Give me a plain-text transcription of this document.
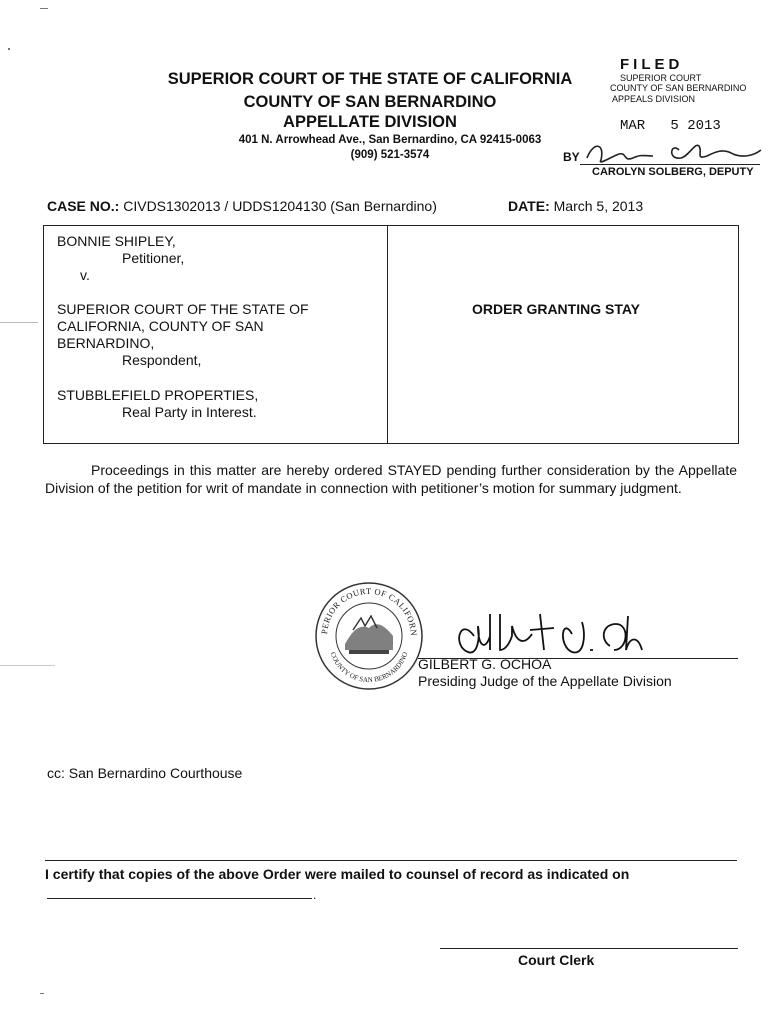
SUPERIOR COURT OF THE STATE OF CALIFORNIA
COUNTY OF SAN BERNARDINO
APPELLATE DIVISION
401 N. Arrowhead Ave., San Bernardino, CA 92415-0063
(909) 521-3574
FILED
SUPERIOR COURT
COUNTY OF SAN BERNARDINO
APPEALS DIVISION
MAR   5 2013
BY
CAROLYN SOLBERG, DEPUTY
CASE NO.: CIVDS1302013 / UDDS1204130 (San Bernardino)	DATE: March 5, 2013
BONNIE SHIPLEY,
Petitioner,
v.
SUPERIOR COURT OF THE STATE OF
CALIFORNIA, COUNTY OF SAN
BERNARDINO,
Respondent,
STUBBLEFIELD PROPERTIES,
Real Party in Interest.
ORDER GRANTING STAY
Proceedings in this matter are hereby ordered STAYED pending further consideration by the Appellate Division of the petition for writ of mandate in connection with petitioner’s motion for summary judgment.
PERIOR COURT OF CALIFORN
COUNTY OF SAN BERNARDINO
GILBERT G. OCHOA
Presiding Judge of the Appellate Division
cc: San Bernardino Courthouse
I certify that copies of the above Order were mailed to counsel of record as indicated on
.
Court Clerk
